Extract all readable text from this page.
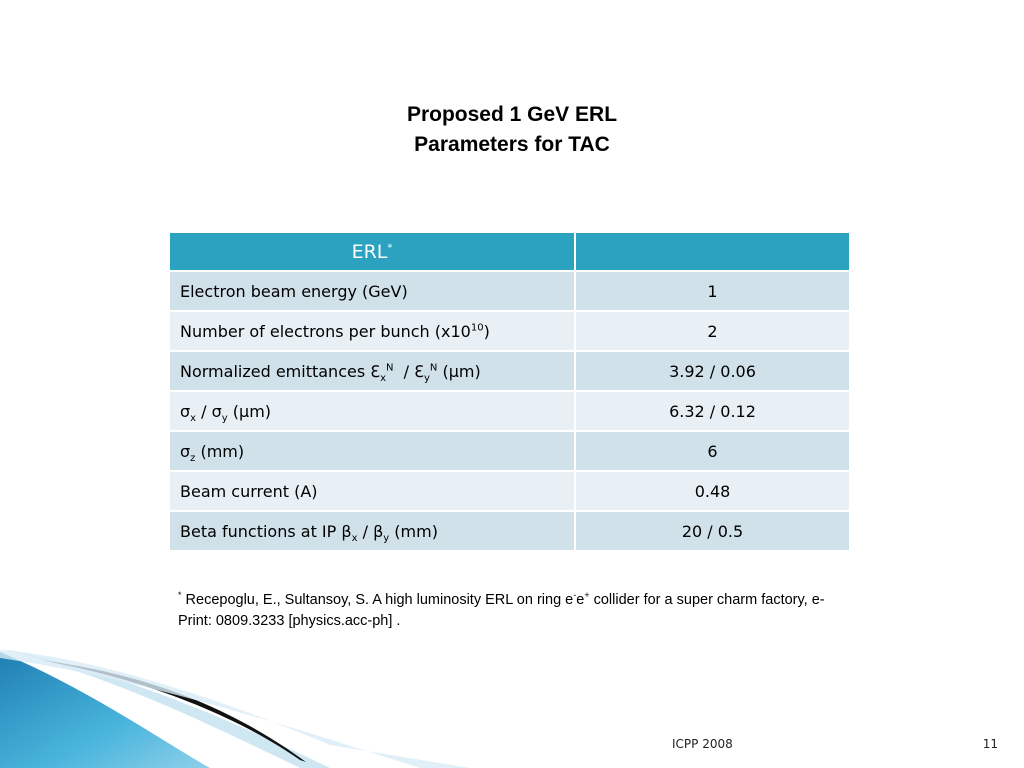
Proposed 1 GeV ERL
Parameters for TAC
ERL*	
Electron beam energy (GeV)	1
Number of electrons per bunch $(x10^{10})$	2
Normalized emittances ℇ$_x^N$  / ℇ$_y^N$ (µm)	3.92 / 0.06
$\sigma_x / \sigma_y$ (µm)	6.32 / 0.12
$\sigma_z$ (mm)	6
Beam current (A)	0.48
Beta functions at IP $\beta_x / \beta_y$ (mm)	20 / 0.5
* Recepoglu, E., Sultansoy, S. A high luminosity ERL on ring e-e+ collider for a super charm factory, e-Print: 0809.3233 [physics.acc-ph] .
ICPP 2008	11
